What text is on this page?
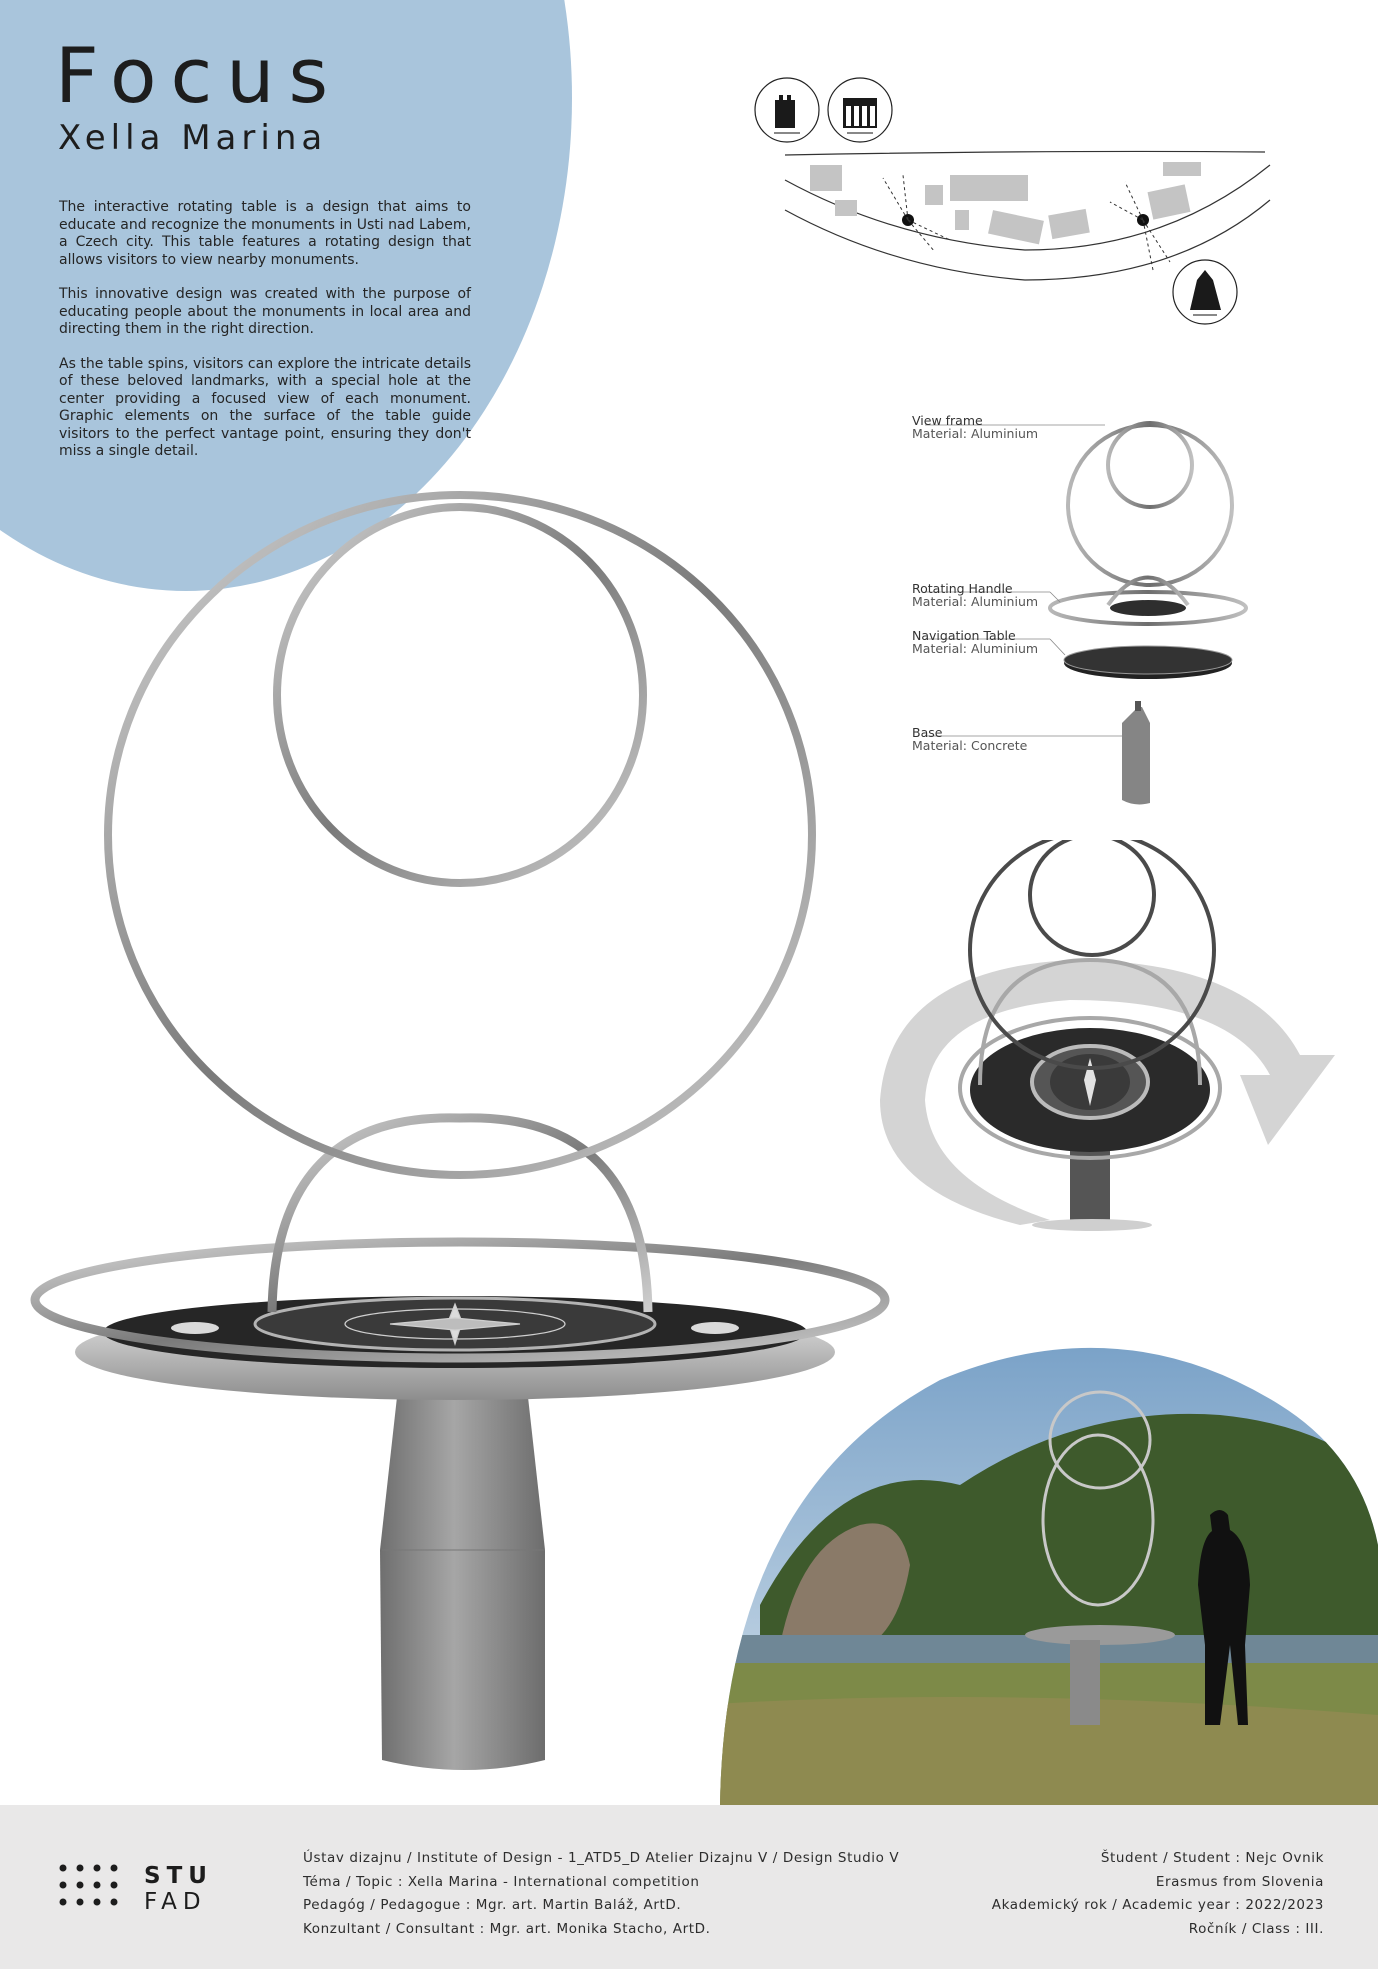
Focus
Xella Marina

The interactive rotating table is a design that aims to educate and recognize the monuments in Usti nad Labem, a Czech city. This table features a rotating design that allows visitors to view nearby monuments.

This innovative design was created with the purpose of educating people about the monuments in local area and directing them in the right direction.

As the table spins, visitors can explore the intricate details of these beloved landmarks, with a special hole at the center providing a focused view of each monument. Graphic elements on the surface of the table guide visitors to the perfect vantage point, ensuring they don't miss a single detail.

View frame
Material: Aluminium
Rotating Handle
Material: Aluminium
Navigation Table
Material: Aluminium
Base
Material: Concrete
STU
FAD
Ústav dizajnu / Institute of Design - 1_ATD5_D Atelier Dizajnu V / Design Studio V
Téma / Topic : Xella Marina - International competition
Pedagóg / Pedagogue : Mgr. art. Martin Baláž, ArtD.
Konzultant / Consultant : Mgr. art. Monika Stacho, ArtD.
Študent / Student : Nejc Ovnik
Erasmus from Slovenia
Akademický rok / Academic year : 2022/2023
Ročník / Class : III.
